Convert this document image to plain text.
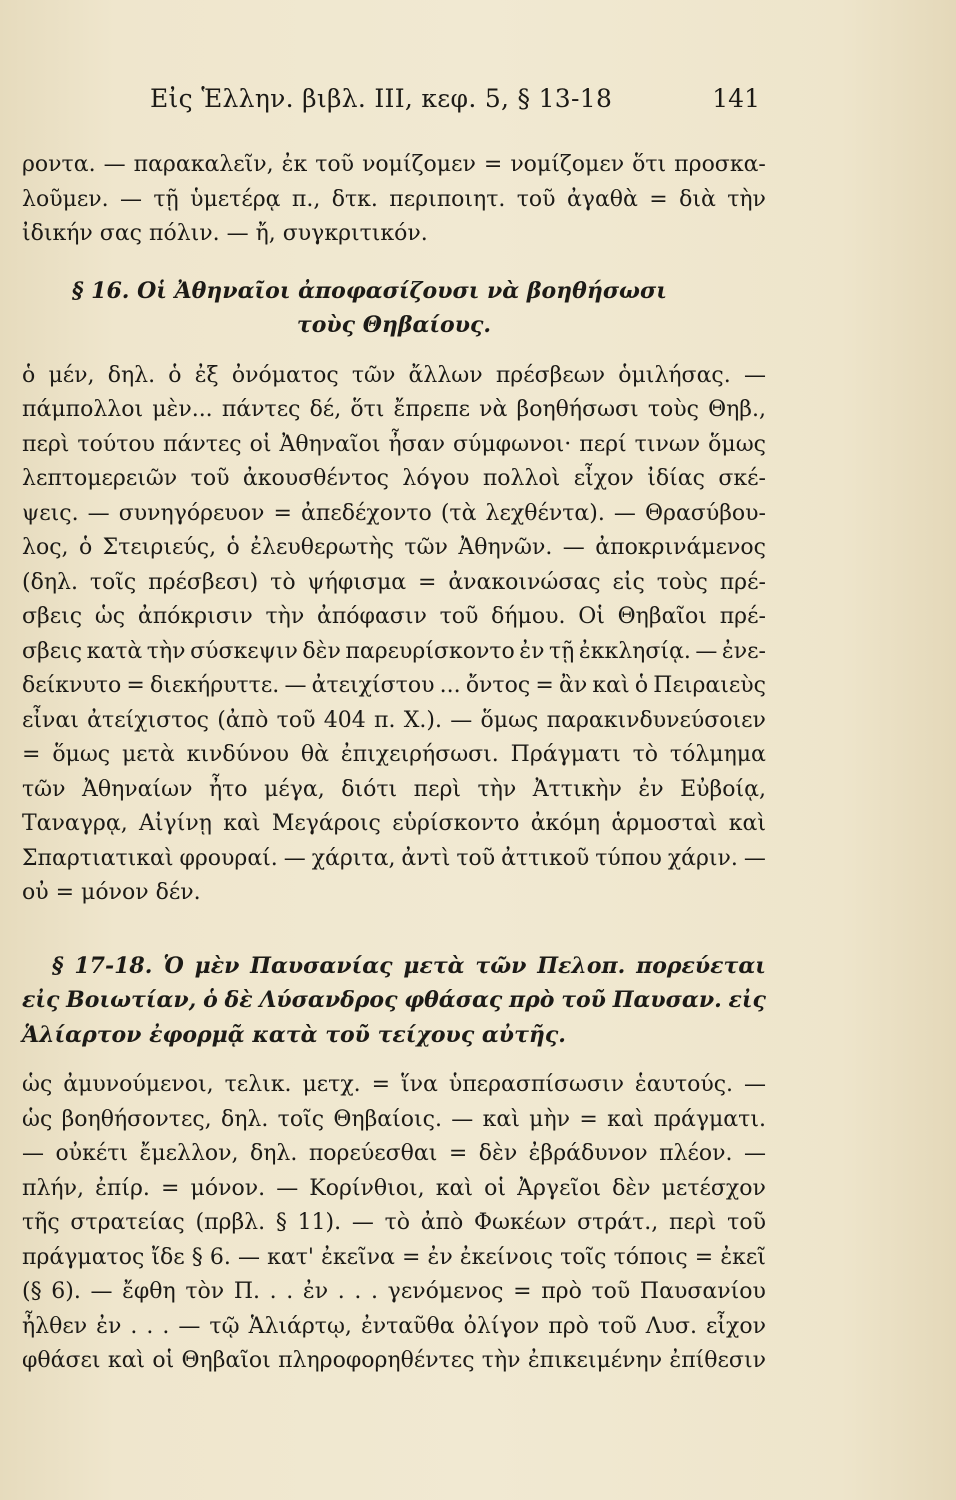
Εἰς Ἑλλην. βιβλ. III, κεφ. 5, § 13-18	141
ροντα. — παρακαλεῖν, ἐκ τοῦ νομίζομεν = νομίζομεν ὅτι προσκα-
λοῦμεν. — τῇ ὑμετέρᾳ π., δτκ. περιποιητ. τοῦ ἀγαθὰ = διὰ τὴν
ἰδικήν σας πόλιν. — ἤ, συγκριτικόν.
§ 16. Οἱ Ἀθηναῖοι ἀποφασίζουσι νὰ βοηθήσωσι
τοὺς Θηβαίους.
ὁ μέν, δηλ. ὁ ἐξ ὀνόματος τῶν ἄλλων πρέσβεων ὁμιλήσας. —
πάμπολλοι μὲν... πάντες δέ, ὅτι ἔπρεπε νὰ βοηθήσωσι τοὺς Θηβ.,
περὶ τούτου πάντες οἱ Ἀθηναῖοι ἦσαν σύμφωνοι· περί τινων ὅμως
λεπτομερειῶν τοῦ ἀκουσθέντος λόγου πολλοὶ εἶχον ἰδίας σκέ-
ψεις. — συνηγόρευον = ἀπεδέχοντο (τὰ λεχθέντα). — Θρασύβου-
λος, ὁ Στειριεύς, ὁ ἐλευθερωτὴς τῶν Ἀθηνῶν. — ἀποκρινάμενος
(δηλ. τοῖς πρέσβεσι) τὸ ψήφισμα = ἀνακοινώσας εἰς τοὺς πρέ-
σβεις ὡς ἀπόκρισιν τὴν ἀπόφασιν τοῦ δήμου. Οἱ Θηβαῖοι πρέ-
σβεις κατὰ τὴν σύσκεψιν δὲν παρευρίσκοντο ἐν τῇ ἐκκλησίᾳ. — ἐνε-
δείκνυτο = διεκήρυττε. — ἀτειχίστου ... ὄντος = ἂν καὶ ὁ Πειραιεὺς
εἶναι ἀτείχιστος (ἀπὸ τοῦ 404 π. Χ.). — ὅμως παρακινδυνεύσοιεν
= ὅμως μετὰ κινδύνου θὰ ἐπιχειρήσωσι. Πράγματι τὸ τόλμημα
τῶν Ἀθηναίων ἦτο μέγα, διότι περὶ τὴν Ἀττικὴν ἐν Εὐβοίᾳ,
Ταναγρᾳ, Αἰγίνῃ καὶ Μεγάροις εὑρίσκοντο ἀκόμη ἁρμοσταὶ καὶ
Σπαρτιατικαὶ φρουραί. — χάριτα, ἀντὶ τοῦ ἀττικοῦ τύπου χάριν. —
οὐ = μόνον δέν.
§ 17-18. Ὁ μὲν Παυσανίας μετὰ τῶν Πελοπ. πορεύεται
εἰς Βοιωτίαν, ὁ δὲ Λύσανδρος φθάσας πρὸ τοῦ Παυσαν. εἰς
Ἁλίαρτον ἐφορμᾷ κατὰ τοῦ τείχους αὐτῆς.
ὡς ἀμυνούμενοι, τελικ. μετχ. = ἵνα ὑπερασπίσωσιν ἑαυτούς. —
ὡς βοηθήσοντες, δηλ. τοῖς Θηβαίοις. — καὶ μὴν = καὶ πράγματι.
— οὐκέτι ἔμελλον, δηλ. πορεύεσθαι = δὲν ἐβράδυνον πλέον. —
πλήν, ἐπίρ. = μόνον. — Κορίνθιοι, καὶ οἱ Ἀργεῖοι δὲν μετέσχον
τῆς στρατείας (πρβλ. § 11). — τὸ ἀπὸ Φωκέων στράτ., περὶ τοῦ
πράγματος ἴδε § 6. — κατ' ἐκεῖνα = ἐν ἐκείνοις τοῖς τόποις = ἐκεῖ
(§ 6). — ἔφθη τὸν Π. . . ἐν . . . γενόμενος = πρὸ τοῦ Παυσανίου
ἦλθεν ἐν . . . — τῷ Ἁλιάρτῳ, ἐνταῦθα ὀλίγον πρὸ τοῦ Λυσ. εἶχον
φθάσει καὶ οἱ Θηβαῖοι πληροφορηθέντες τὴν ἐπικειμένην ἐπίθεσιν
